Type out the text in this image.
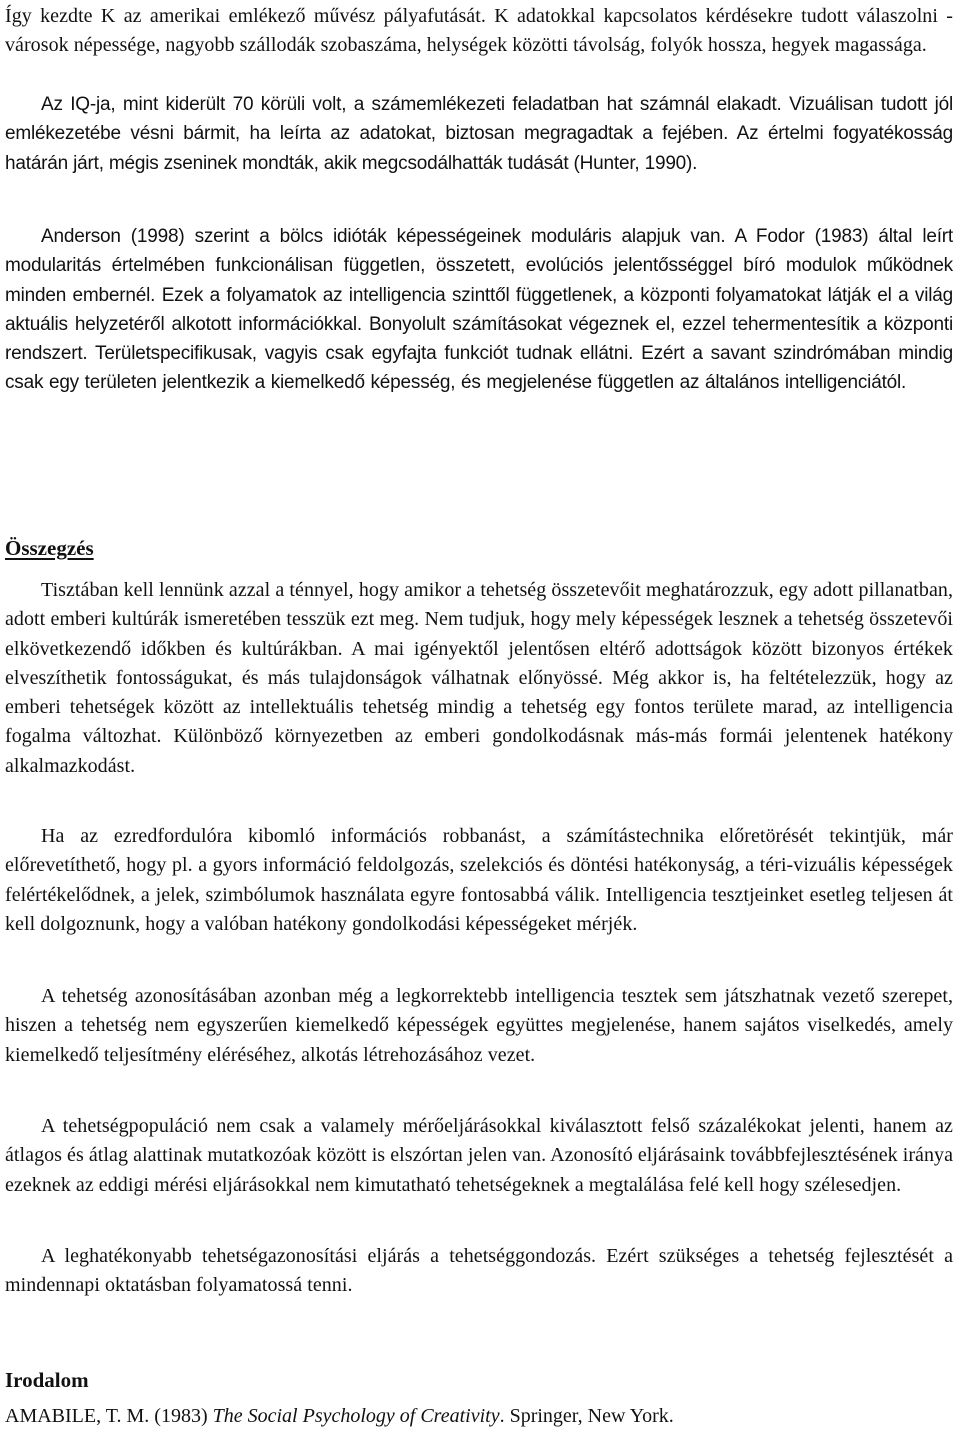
Így kezdte K az amerikai emlékező művész pályafutását. K adatokkal kapcsolatos kérdésekre tudott válaszolni - városok népessége, nagyobb szállodák szobaszáma, helységek közötti távolság, folyók hossza, hegyek magassága.

Az IQ-ja, mint kiderült 70 körüli volt, a számemlékezeti feladatban hat számnál elakadt. Vizuálisan tudott jól emlékezetébe vésni bármit, ha leírta az adatokat, biztosan megragadtak a fejében. Az értelmi fogyatékosság határán járt, mégis zseninek mondták, akik megcsodálhatták tudását (Hunter, 1990).

Anderson (1998) szerint a bölcs idióták képességeinek moduláris alapjuk van. A Fodor (1983) által leírt modularitás értelmében funkcionálisan független, összetett, evolúciós jelentősséggel bíró modulok működnek minden embernél. Ezek a folyamatok az intelligencia szinttől függetlenek, a központi folyamatokat látják el a világ aktuális helyzetéről alkotott információkkal. Bonyolult számításokat végeznek el, ezzel tehermentesítik a központi rendszert. Területspecifikusak, vagyis csak egyfajta funkciót tudnak ellátni. Ezért a savant szindrómában mindig csak egy területen jelentkezik a kiemelkedő képesség, és megjelenése független az általános intelligenciától.

Összegzés

Tisztában kell lennünk azzal a ténnyel, hogy amikor a tehetség összetevőit meghatározzuk, egy adott pillanatban, adott emberi kultúrák ismeretében tesszük ezt meg. Nem tudjuk, hogy mely képességek lesznek a tehetség összetevői elkövetkezendő időkben és kultúrákban. A mai igényektől jelentősen eltérő adottságok között bizonyos értékek elveszíthetik fontosságukat, és más tulajdonságok válhatnak előnyössé. Még akkor is, ha feltételezzük, hogy az emberi tehetségek között az intellektuális tehetség mindig a tehetség egy fontos területe marad, az intelligencia fogalma változhat. Különböző környezetben az emberi gondolkodásnak más-más formái jelentenek hatékony alkalmazkodást.

Ha az ezredfordulóra kibomló információs robbanást, a számítástechnika előretörését tekintjük, már előrevetíthető, hogy pl. a gyors információ feldolgozás, szelekciós és döntési hatékonyság, a téri-vizuális képességek felértékelődnek, a jelek, szimbólumok használata egyre fontosabbá válik. Intelligencia tesztjeinket esetleg teljesen át kell dolgoznunk, hogy a valóban hatékony gondolkodási képességeket mérjék.

A tehetség azonosításában azonban még a legkorrektebb intelligencia tesztek sem játszhatnak vezető szerepet, hiszen a tehetség nem egyszerűen kiemelkedő képességek együttes megjelenése, hanem sajátos viselkedés, amely kiemelkedő teljesítmény eléréséhez, alkotás létrehozásához vezet.

A tehetségpopuláció nem csak a valamely mérőeljárásokkal kiválasztott felső százalékokat jelenti, hanem az átlagos és átlag alattinak mutatkozóak között is elszórtan jelen van. Azonosító eljárásaink továbbfejlesztésének iránya ezeknek az eddigi mérési eljárásokkal nem kimutatható tehetségeknek a megtalálása felé kell hogy szélesedjen.

A leghatékonyabb tehetségazonosítási eljárás a tehetséggondozás. Ezért szükséges a tehetség fejlesztését a mindennapi oktatásban folyamatossá tenni.

Irodalom

AMABILE, T. M. (1983) The Social Psychology of Creativity. Springer, New York.
